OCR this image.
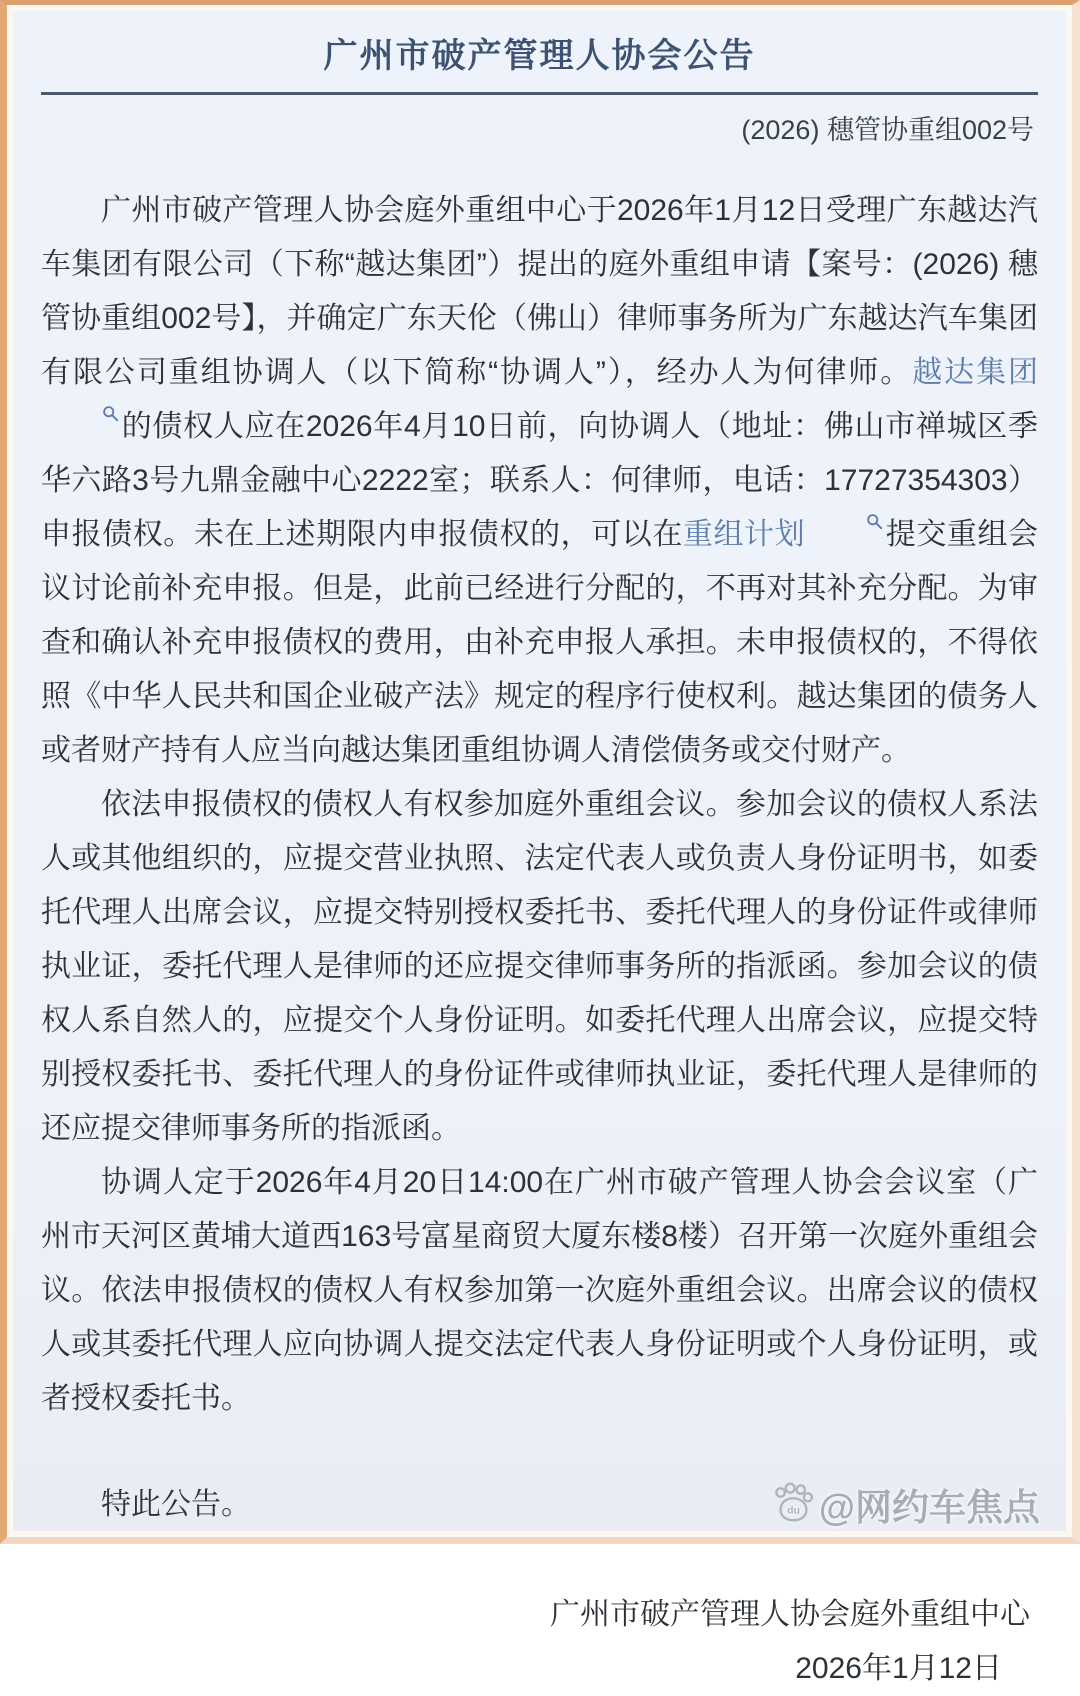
广州市破产管理人协会公告
(2026) 穗管协重组002号

广州市破产管理人协会庭外重组中心于2026年1月12日受理广东越达汽车集团有限公司（下称“越达集团”）提出的庭外重组申请【案号：(2026) 穗管协重组002号】，并确定广东天伦（佛山）律师事务所为广东越达汽车集团有限公司重组协调人（以下简称“协调人”），经办人为何律师。越达集团的债权人应在2026年4月10日前，向协调人（地址：佛山市禅城区季华六路3号九鼎金融中心2222室；联系人：何律师，电话：17727354303）申报债权。未在上述期限内申报债权的，可以在重组计划	提交重组会议讨论前补充申报。但是，此前已经进行分配的，不再对其补充分配。为审查和确认补充申报债权的费用，由补充申报人承担。未申报债权的，不得依照《中华人民共和国企业破产法》规定的程序行使权利。越达集团的债务人或者财产持有人应当向越达集团重组协调人清偿债务或交付财产。

依法申报债权的债权人有权参加庭外重组会议。参加会议的债权人系法人或其他组织的，应提交营业执照、法定代表人或负责人身份证明书，如委托代理人出席会议，应提交特别授权委托书、委托代理人的身份证件或律师执业证，委托代理人是律师的还应提交律师事务所的指派函。参加会议的债权人系自然人的，应提交个人身份证明。如委托代理人出席会议，应提交特别授权委托书、委托代理人的身份证件或律师执业证，委托代理人是律师的还应提交律师事务所的指派函。

协调人定于2026年4月20日14:00在广州市破产管理人协会会议室（广州市天河区黄埔大道西163号富星商贸大厦东楼8楼）召开第一次庭外重组会议。依法申报债权的债权人有权参加第一次庭外重组会议。出席会议的债权人或其委托代理人应向协调人提交法定代表人身份证明或个人身份证明，或者授权委托书。

特此公告。

广州市破产管理人协会庭外重组中心
2026年1月12日
du @网约车焦点
